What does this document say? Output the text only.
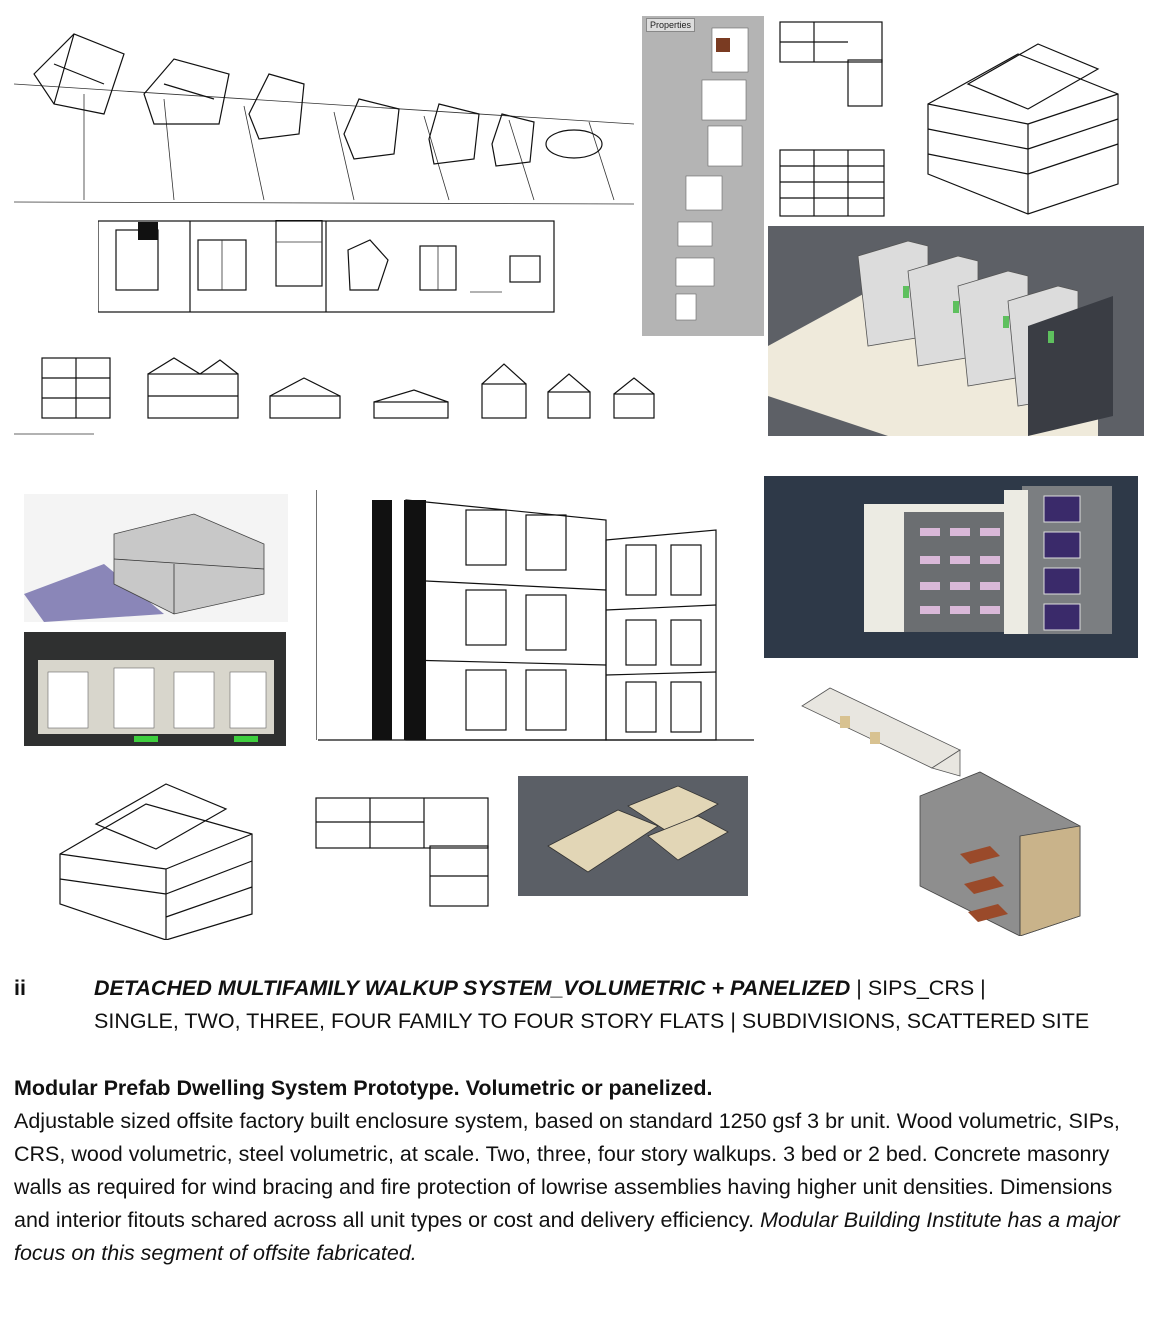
Properties
ii	DETACHED MULTIFAMILY WALKUP SYSTEM_VOLUMETRIC + PANELIZED | SIPS_CRS |
SINGLE, TWO, THREE, FOUR FAMILY TO FOUR STORY FLATS | SUBDIVISIONS, SCATTERED SITE
Modular Prefab Dwelling System Prototype. Volumetric or panelized.
Adjustable sized offsite factory built enclosure system, based on standard 1250 gsf 3 br unit. Wood volumetric, SIPs, CRS, wood volumetric, steel volumetric, at scale. Two, three, four story walkups. 3 bed or 2 bed. Concrete masonry walls as required for wind bracing and fire protection of lowrise assemblies having higher unit densities. Dimensions and interior fitouts schared across all unit types or cost and delivery efficiency. Modular Building Institute has a major focus on this segment of offsite fabricated.
